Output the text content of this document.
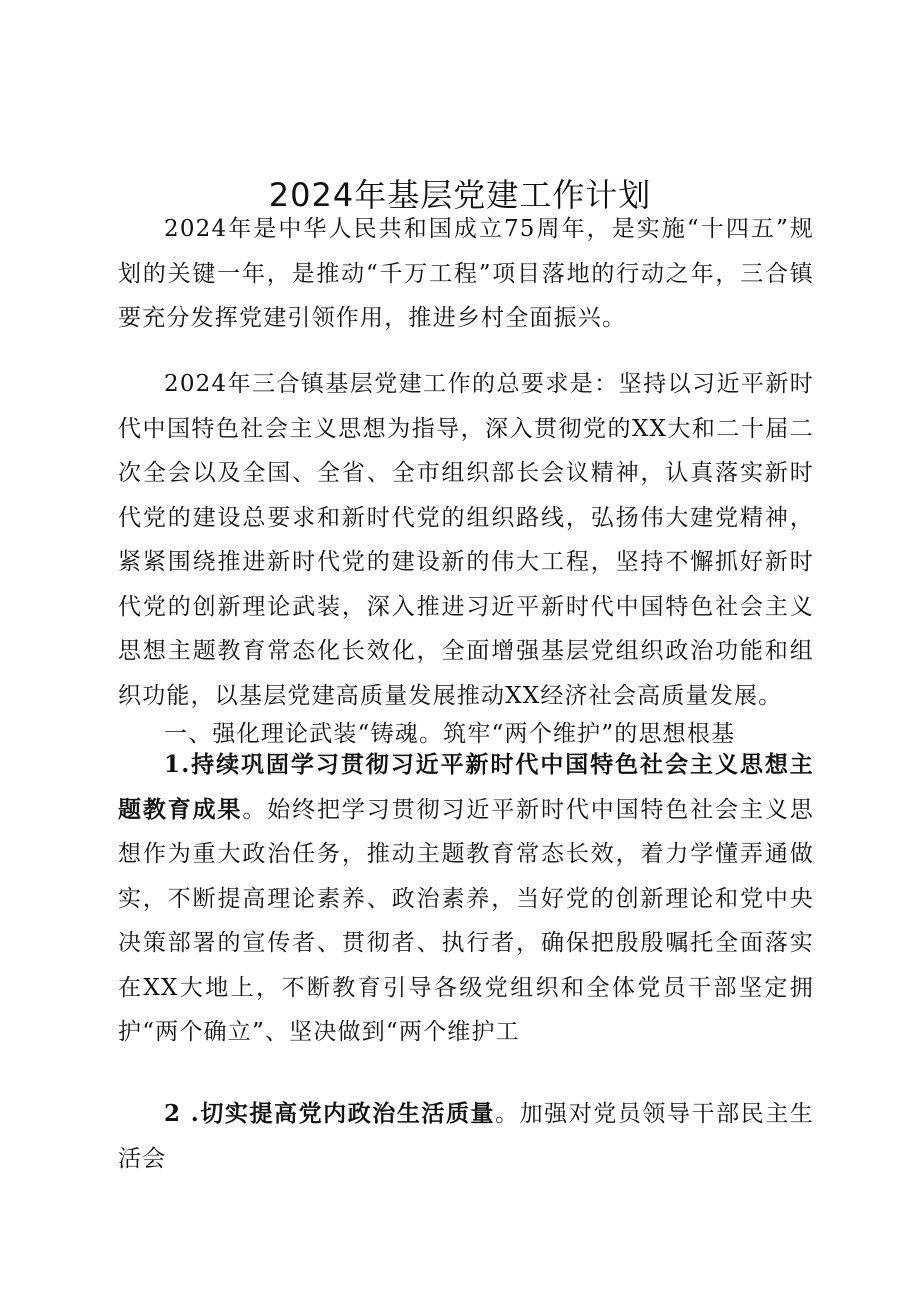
2024年基层党建工作计划

2024年是中华人民共和国成立75周年，是实施“十四五”规划的关键一年，是推动“千万工程”项目落地的行动之年，三合镇要充分发挥党建引领作用，推进乡村全面振兴。

2024年三合镇基层党建工作的总要求是：坚持以习近平新时代中国特色社会主义思想为指导，深入贯彻党的XX大和二十届二次全会以及全国、全省、全市组织部长会议精神，认真落实新时代党的建设总要求和新时代党的组织路线，弘扬伟大建党精神，紧紧围绕推进新时代党的建设新的伟大工程，坚持不懈抓好新时代党的创新理论武装，深入推进习近平新时代中国特色社会主义思想主题教育常态化长效化，全面增强基层党组织政治功能和组织功能，以基层党建高质量发展推动XX经济社会高质量发展。

一、强化理论武装“铸魂。筑牢“两个维护”的思想根基

1.持续巩固学习贯彻习近平新时代中国特色社会主义思想主题教育成果。始终把学习贯彻习近平新时代中国特色社会主义思想作为重大政治任务，推动主题教育常态长效，着力学懂弄通做实，不断提高理论素养、政治素养，当好党的创新理论和党中央决策部署的宣传者、贯彻者、执行者，确保把殷殷嘱托全面落实在XX大地上，不断教育引导各级党组织和全体党员干部坚定拥护“两个确立”、坚决做到“两个维护工

2 .切实提高党内政治生活质量。加强对党员领导干部民主生活会
